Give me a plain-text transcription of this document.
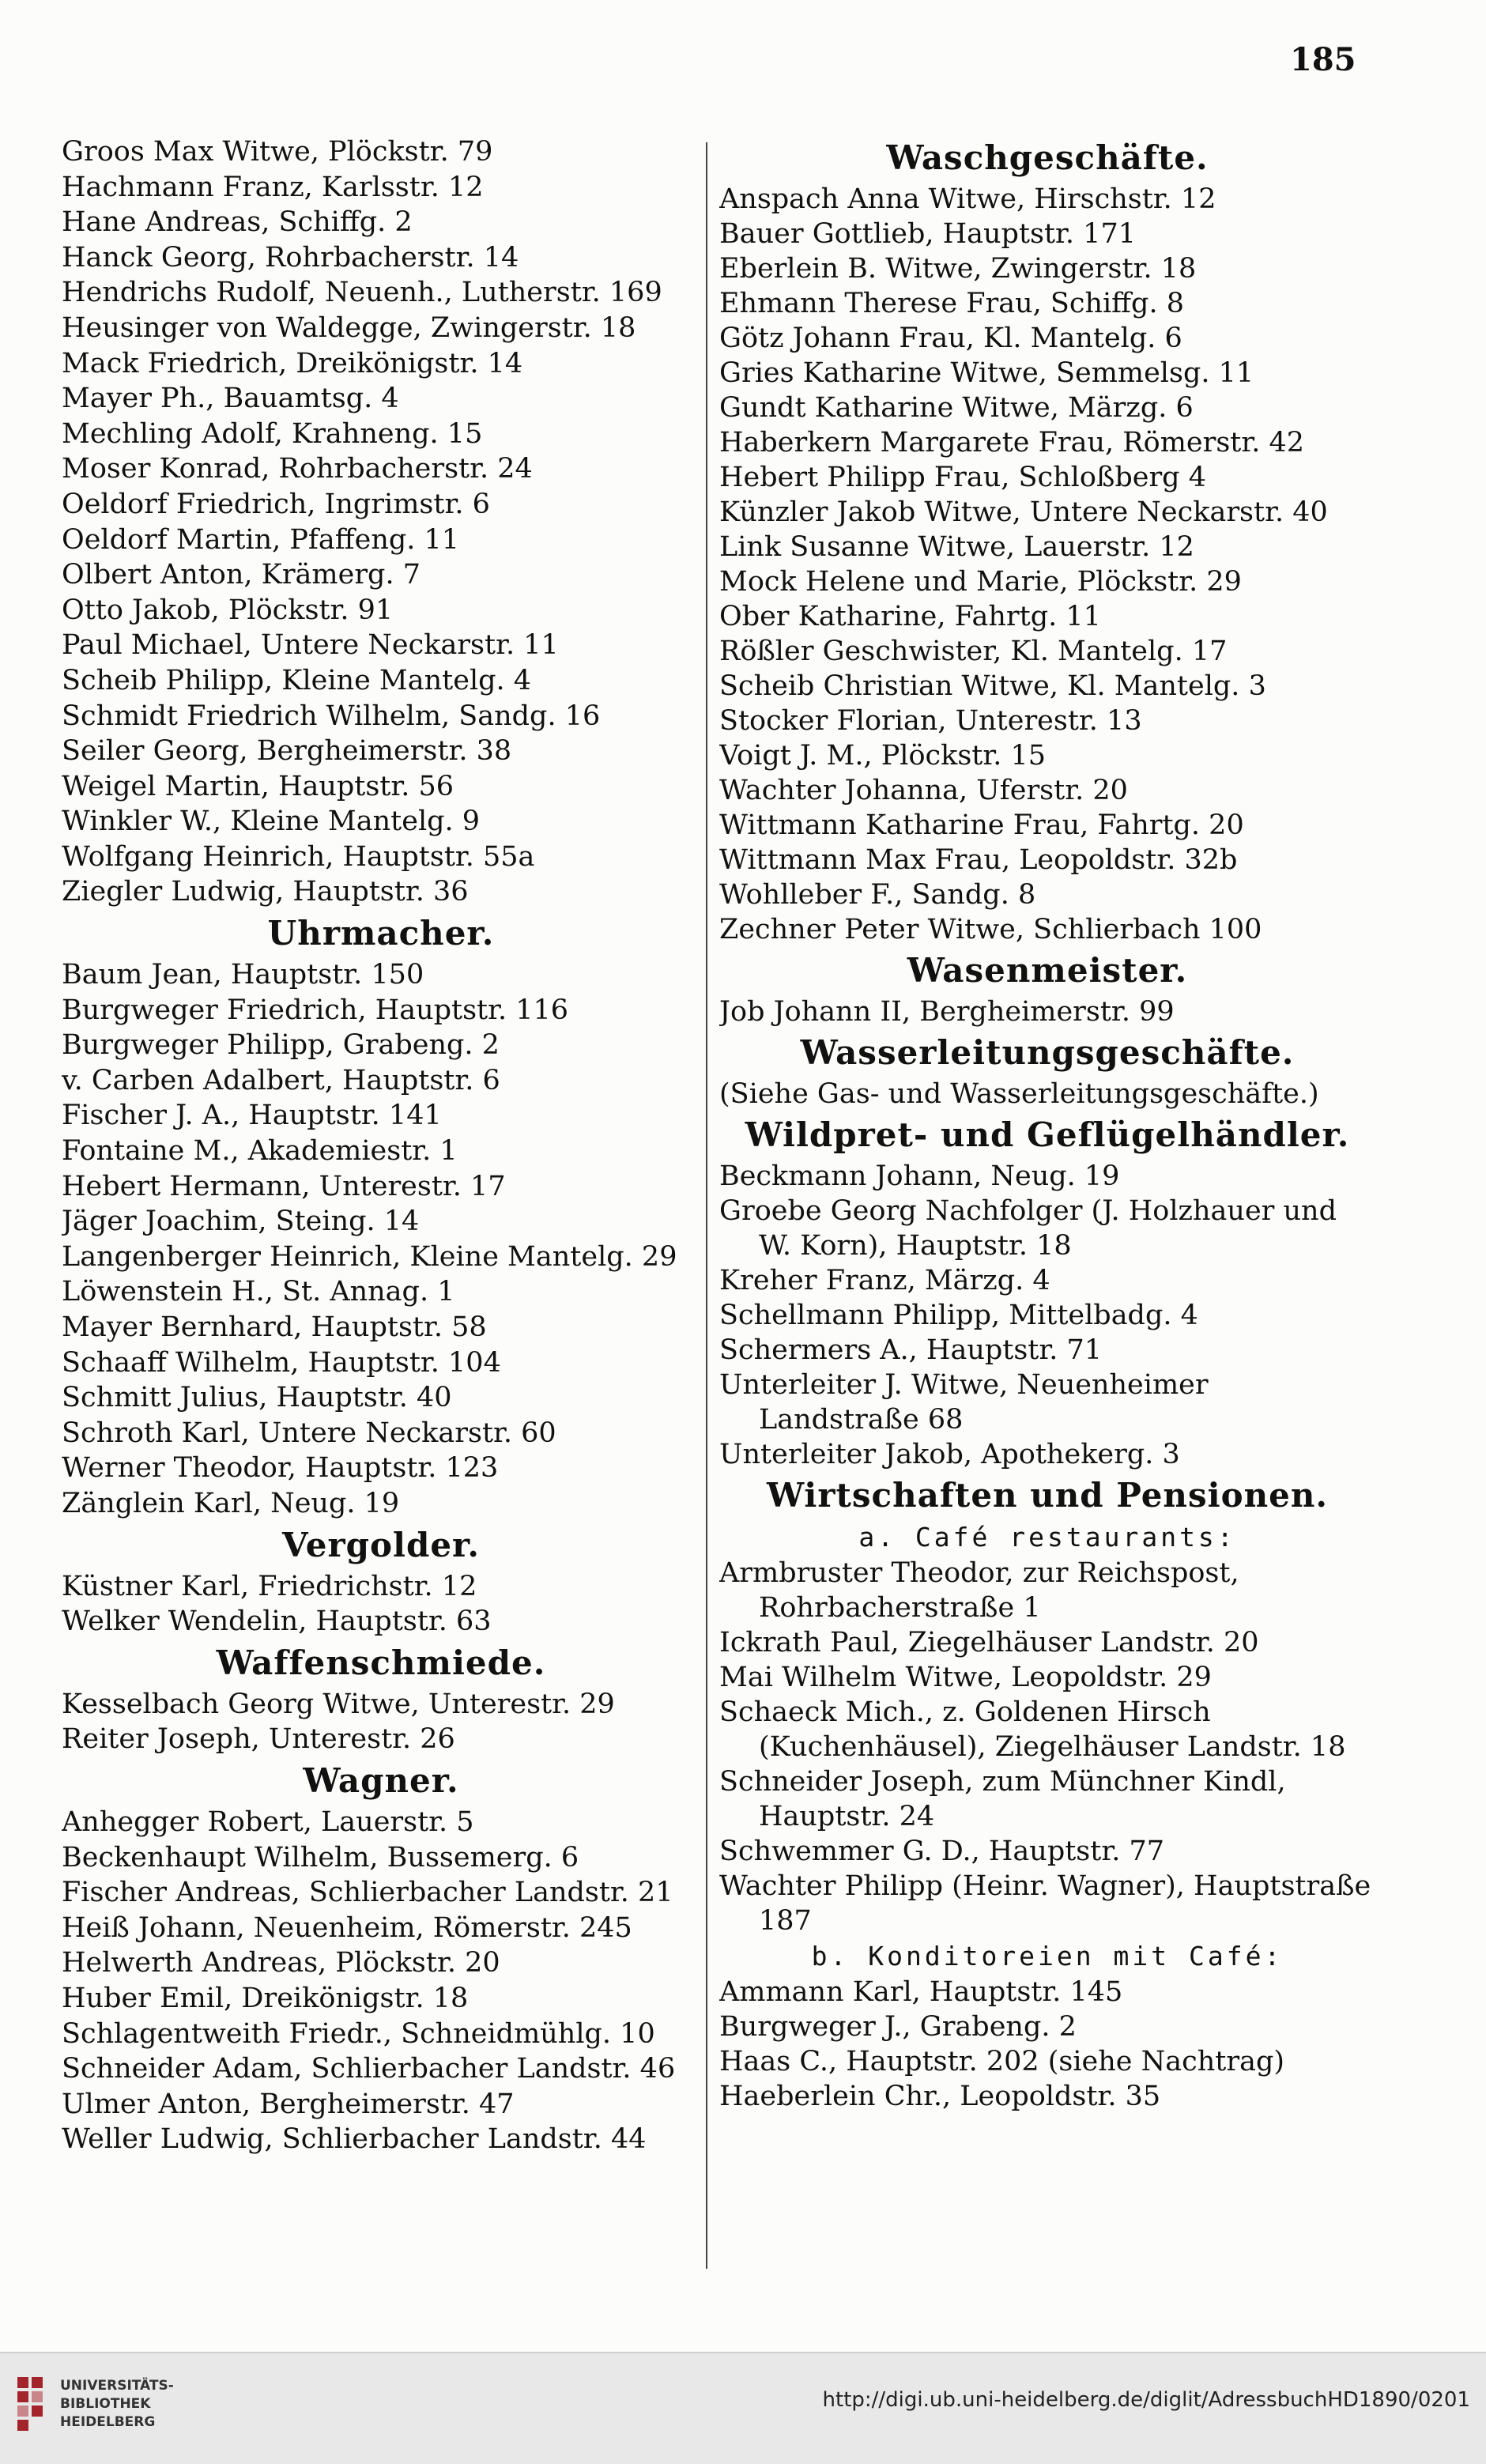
185
Groos Max Witwe, Plöckstr. 79
Hachmann Franz, Karlsstr. 12
Hane Andreas, Schiffg. 2
Hanck Georg, Rohrbacherstr. 14
Hendrichs Rudolf, Neuenh., Lutherstr. 169
Heusinger von Waldegge, Zwingerstr. 18
Mack Friedrich, Dreikönigstr. 14
Mayer Ph., Bauamtsg. 4
Mechling Adolf, Krahneng. 15
Moser Konrad, Rohrbacherstr. 24
Oeldorf Friedrich, Ingrimstr. 6
Oeldorf Martin, Pfaffeng. 11
Olbert Anton, Krämerg. 7
Otto Jakob, Plöckstr. 91
Paul Michael, Untere Neckarstr. 11
Scheib Philipp, Kleine Mantelg. 4
Schmidt Friedrich Wilhelm, Sandg. 16
Seiler Georg, Bergheimerstr. 38
Weigel Martin, Hauptstr. 56
Winkler W., Kleine Mantelg. 9
Wolfgang Heinrich, Hauptstr. 55a
Ziegler Ludwig, Hauptstr. 36
Uhrmacher.
Baum Jean, Hauptstr. 150
Burgweger Friedrich, Hauptstr. 116
Burgweger Philipp, Grabeng. 2
v. Carben Adalbert, Hauptstr. 6
Fischer J. A., Hauptstr. 141
Fontaine M., Akademiestr. 1
Hebert Hermann, Unterestr. 17
Jäger Joachim, Steing. 14
Langenberger Heinrich, Kleine Mantelg. 29
Löwenstein H., St. Annag. 1
Mayer Bernhard, Hauptstr. 58
Schaaff Wilhelm, Hauptstr. 104
Schmitt Julius, Hauptstr. 40
Schroth Karl, Untere Neckarstr. 60
Werner Theodor, Hauptstr. 123
Zänglein Karl, Neug. 19
Vergolder.
Küstner Karl, Friedrichstr. 12
Welker Wendelin, Hauptstr. 63
Waffenschmiede.
Kesselbach Georg Witwe, Unterestr. 29
Reiter Joseph, Unterestr. 26
Wagner.
Anhegger Robert, Lauerstr. 5
Beckenhaupt Wilhelm, Bussemerg. 6
Fischer Andreas, Schlierbacher Landstr. 21
Heiß Johann, Neuenheim, Römerstr. 245
Helwerth Andreas, Plöckstr. 20
Huber Emil, Dreikönigstr. 18
Schlagentweith Friedr., Schneidmühlg. 10
Schneider Adam, Schlierbacher Landstr. 46
Ulmer Anton, Bergheimerstr. 47
Weller Ludwig, Schlierbacher Landstr. 44
Waschgeschäfte.
Anspach Anna Witwe, Hirschstr. 12
Bauer Gottlieb, Hauptstr. 171
Eberlein B. Witwe, Zwingerstr. 18
Ehmann Therese Frau, Schiffg. 8
Götz Johann Frau, Kl. Mantelg. 6
Gries Katharine Witwe, Semmelsg. 11
Gundt Katharine Witwe, Märzg. 6
Haberkern Margarete Frau, Römerstr. 42
Hebert Philipp Frau, Schloßberg 4
Künzler Jakob Witwe, Untere Neckarstr. 40
Link Susanne Witwe, Lauerstr. 12
Mock Helene und Marie, Plöckstr. 29
Ober Katharine, Fahrtg. 11
Rößler Geschwister, Kl. Mantelg. 17
Scheib Christian Witwe, Kl. Mantelg. 3
Stocker Florian, Unterestr. 13
Voigt J. M., Plöckstr. 15
Wachter Johanna, Uferstr. 20
Wittmann Katharine Frau, Fahrtg. 20
Wittmann Max Frau, Leopoldstr. 32b
Wohlleber F., Sandg. 8
Zechner Peter Witwe, Schlierbach 100
Wasenmeister.
Job Johann II, Bergheimerstr. 99
Wasserleitungsgeschäfte.
(Siehe Gas- und Wasserleitungsgeschäfte.)
Wildpret- und Geflügelhändler.
Beckmann Johann, Neug. 19
Groebe Georg Nachfolger (J. Holzhauer und W. Korn), Hauptstr. 18
Kreher Franz, Märzg. 4
Schellmann Philipp, Mittelbadg. 4
Schermers A., Hauptstr. 71
Unterleiter J. Witwe, Neuenheimer Landstraße 68
Unterleiter Jakob, Apothekerg. 3
Wirtschaften und Pensionen.
a. Café restaurants:
Armbruster Theodor, zur Reichspost, Rohrbacherstraße 1
Ickrath Paul, Ziegelhäuser Landstr. 20
Mai Wilhelm Witwe, Leopoldstr. 29
Schaeck Mich., z. Goldenen Hirsch (Kuchenhäusel), Ziegelhäuser Landstr. 18
Schneider Joseph, zum Münchner Kindl, Hauptstr. 24
Schwemmer G. D., Hauptstr. 77
Wachter Philipp (Heinr. Wagner), Hauptstraße 187
b. Konditoreien mit Café:
Ammann Karl, Hauptstr. 145
Burgweger J., Grabeng. 2
Haas C., Hauptstr. 202 (siehe Nachtrag)
Haeberlein Chr., Leopoldstr. 35
UNIVERSITÄTS-
BIBLIOTHEK
HEIDELBERG
http://digi.ub.uni-heidelberg.de/diglit/AdressbuchHD1890/0201
